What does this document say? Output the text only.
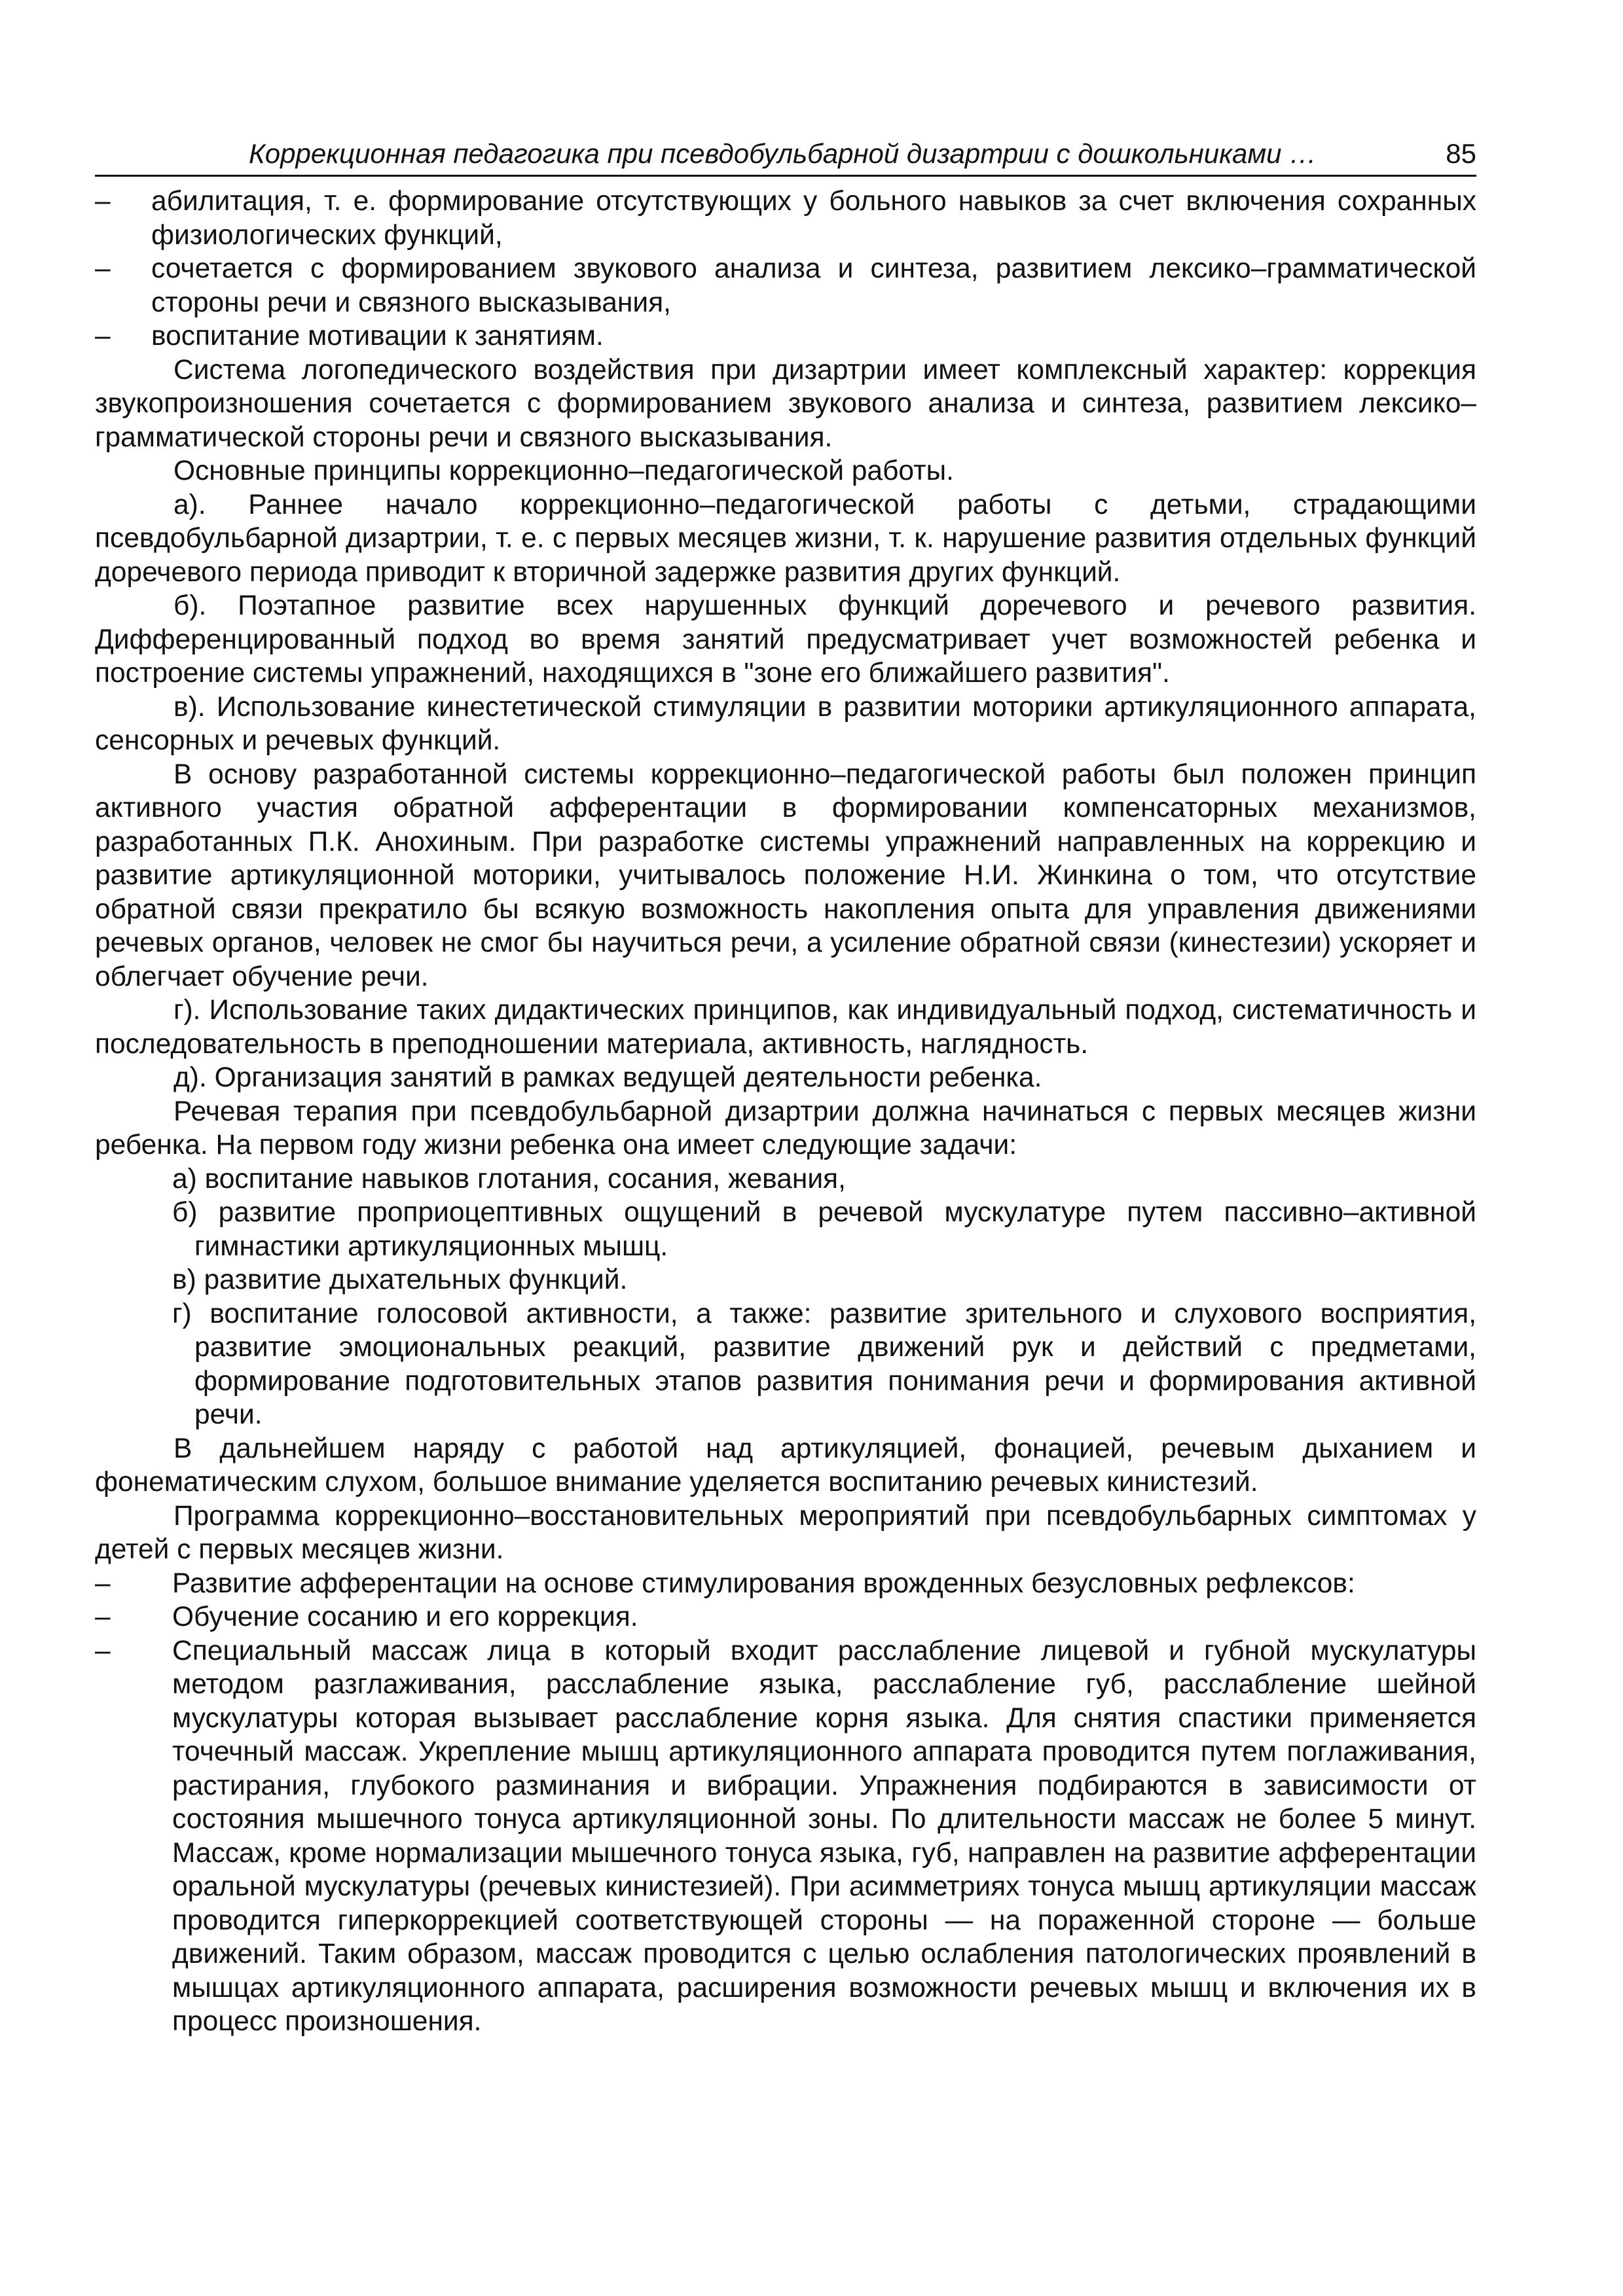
Коррекционная педагогика при псевдобульбарной дизартрии с дошкольниками …	85
–	абилитация, т. е. формирование отсутствующих у больного навыков за счет включения сохранных физиологических функций,
–	сочетается с формированием звукового анализа и синтеза, развитием лексико–грамматической стороны речи и связного высказывания,
–	воспитание мотивации к занятиям.

Система логопедического воздействия при дизартрии имеет комплексный характер: коррекция звукопроизношения сочетается с формированием звукового анализа и синтеза, развитием лексико–грамматической стороны речи и связного высказывания.

Основные принципы коррекционно–педагогической работы.

а). Раннее начало коррекционно–педагогической работы с детьми, страдающими псевдобульбарной дизартрии, т. е. с первых месяцев жизни, т. к. нарушение развития отдельных функций доречевого периода приводит к вторичной задержке развития других функций.

б). Поэтапное развитие всех нарушенных функций доречевого и речевого развития. Дифференцированный подход во время занятий предусматривает учет возможностей ребенка и построение системы упражнений, находящихся в "зоне его ближайшего развития".

в). Использование кинестетической стимуляции в развитии моторики артикуляционного аппарата, сенсорных и речевых функций.

В основу разработанной системы коррекционно–педагогической работы был положен принцип активного участия обратной афферентации в формировании компенсаторных механизмов, разработанных П.К. Анохиным. При разработке системы упражнений направленных на коррекцию и развитие артикуляционной моторики, учитывалось положение Н.И. Жинкина о том, что отсутствие обратной связи прекратило бы всякую возможность накопления опыта для управления движениями речевых органов, человек не смог бы научиться речи, а усиление обратной связи (кинестезии) ускоряет и облегчает обучение речи.

г). Использование таких дидактических принципов, как индивидуальный подход, систематичность и последовательность в преподношении материала, активность, наглядность.

д). Организация занятий в рамках ведущей деятельности ребенка.

Речевая терапия при псевдобульбарной дизартрии должна начинаться с первых месяцев жизни ребенка. На первом году жизни ребенка она имеет следующие задачи:

а) воспитание навыков глотания, сосания, жевания,

б) развитие проприоцептивных ощущений в речевой мускулатуре путем пассивно–активной гимнастики артикуляционных мышц.

в) развитие дыхательных функций.

г) воспитание голосовой активности, а также: развитие зрительного и слухового восприятия, развитие эмоциональных реакций, развитие движений рук и действий с предметами, формирование подготовительных этапов развития понимания речи и формирования активной речи.

В дальнейшем наряду с работой над артикуляцией, фонацией, речевым дыханием и фонематическим слухом, большое внимание уделяется воспитанию речевых кинистезий.

Программа коррекционно–восстановительных мероприятий при псевдобульбарных симптомах у детей с первых месяцев жизни.

–	Развитие афферентации на основе стимулирования врожденных безусловных рефлексов:
–	Обучение сосанию и его коррекция.
–	Специальный массаж лица в который входит расслабление лицевой и губной мускулатуры методом разглаживания, расслабление языка, расслабление губ, расслабление шейной мускулатуры которая вызывает расслабление корня языка. Для снятия спастики применяется точечный массаж. Укрепление мышц артикуляционного аппарата проводится путем поглаживания, растирания, глубокого разминания и вибрации. Упражнения подбираются в зависимости от состояния мышечного тонуса артикуляционной зоны. По длительности массаж не более 5 минут. Массаж, кроме нормализации мышечного тонуса языка, губ, направлен на развитие афферентации оральной мускулатуры (речевых кинистезией). При асимметриях тонуса мышц артикуляции массаж проводится гиперкоррекцией соответствующей стороны — на пораженной стороне — больше движений. Таким образом, массаж проводится с целью ослабления патологических проявлений в мышцах артикуляционного аппарата, расширения возможности речевых мышц и включения их в процесс произношения.
